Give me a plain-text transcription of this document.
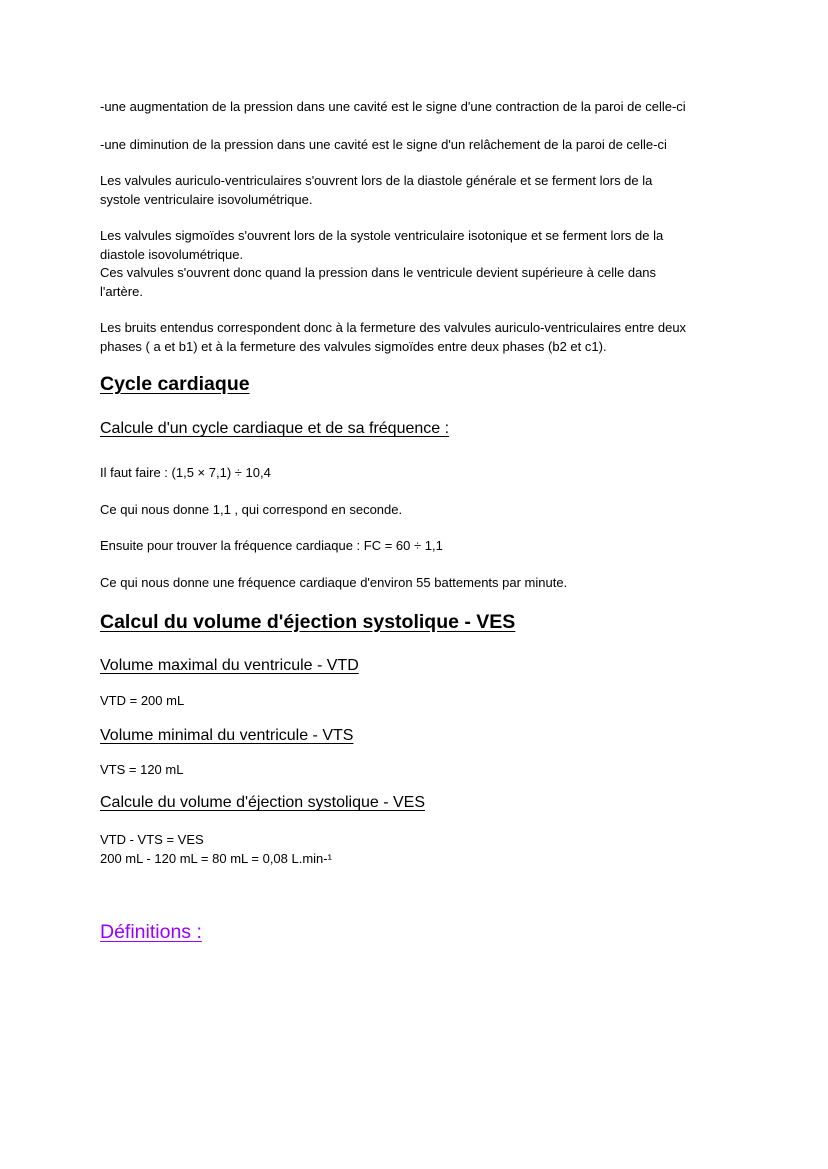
-une augmentation de la pression dans une cavité est le signe d'une contraction de la paroi de celle-ci

-une diminution de la pression dans une cavité est le signe d'un relâchement de la paroi de celle-ci

Les valvules auriculo-ventriculaires s'ouvrent lors de la diastole générale et se ferment lors de la

systole ventriculaire isovolumétrique.

Les valvules sigmoïdes s'ouvrent lors de la systole ventriculaire isotonique et se ferment lors de la

diastole isovolumétrique.

Ces valvules s'ouvrent donc quand la pression dans le ventricule devient supérieure à celle dans

l'artère.

Les bruits entendus correspondent donc à la fermeture des valvules auriculo-ventriculaires entre deux

phases ( a et b1) et à la fermeture des valvules sigmoïdes entre deux phases (b2 et c1).

Cycle cardiaque
Calcule d'un cycle cardiaque et de sa fréquence :

Il faut faire : (1,5 × 7,1) ÷ 10,4

Ce qui nous donne 1,1 , qui correspond en seconde.

Ensuite pour trouver la fréquence cardiaque : FC = 60 ÷ 1,1

Ce qui nous donne une fréquence cardiaque d'environ 55 battements par minute.

Calcul du volume d'éjection systolique - VES
Volume maximal du ventricule - VTD

VTD = 200 mL

Volume minimal du ventricule - VTS

VTS = 120 mL

Calcule du volume d'éjection systolique - VES

VTD - VTS = VES

200 mL - 120 mL = 80 mL = 0,08 L.min-¹

Définitions :
